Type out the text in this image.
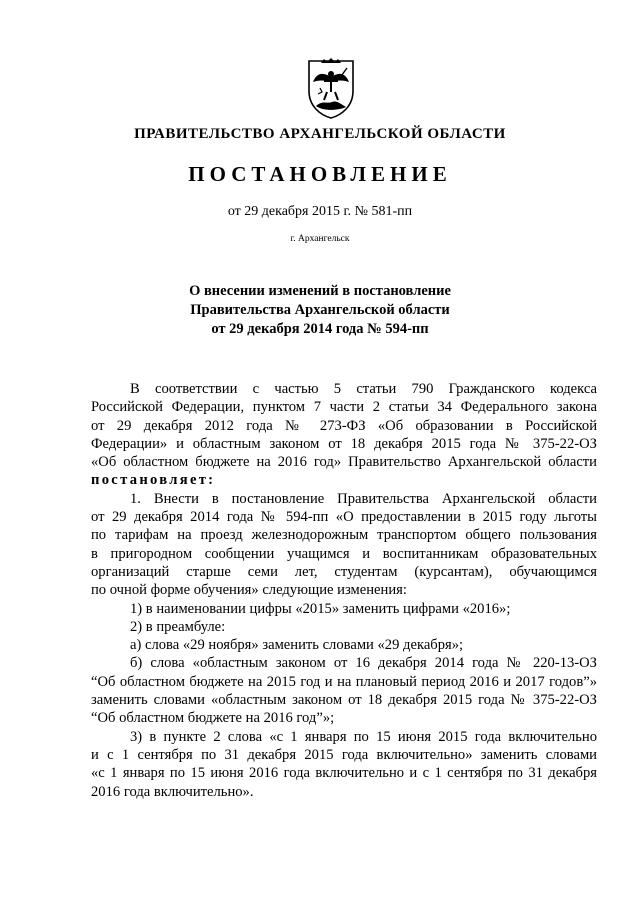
ПРАВИТЕЛЬСТВО АРХАНГЕЛЬСКОЙ ОБЛАСТИ
ПОСТАНОВЛЕНИЕ
от 29 декабря 2015 г. № 581-пп
г. Архангельск
О внесении изменений в постановление
Правительства Архангельской области
от 29 декабря 2014 года № 594-пп
В соответствии с частью 5 статьи 790 Гражданского кодекса
Российской Федерации, пунктом 7 части 2 статьи 34 Федерального закона
от 29 декабря 2012 года № 273-ФЗ «Об образовании в Российской
Федерации» и областным законом от 18 декабря 2015 года № 375-22-ОЗ
«Об областном бюджете на 2016 год» Правительство Архангельской области
постановляет:
1. Внести в постановление Правительства Архангельской области
от 29 декабря 2014 года № 594-пп «О предоставлении в 2015 году льготы
по тарифам на проезд железнодорожным транспортом общего пользования
в пригородном сообщении учащимся и воспитанникам образовательных
организаций старше семи лет, студентам (курсантам), обучающимся
по очной форме обучения» следующие изменения:
1) в наименовании цифры «2015» заменить цифрами «2016»;
2) в преамбуле:
а) слова «29 ноября» заменить словами «29 декабря»;
б) слова «областным законом от 16 декабря 2014 года № 220-13-ОЗ
“Об областном бюджете на 2015 год и на плановый период 2016 и 2017 годов”»
заменить словами «областным законом от 18 декабря 2015 года № 375-22-ОЗ
“Об областном бюджете на 2016 год”»;
3) в пункте 2 слова «с 1 января по 15 июня 2015 года включительно
и с 1 сентября по 31 декабря 2015 года включительно» заменить словами
«с 1 января по 15 июня 2016 года включительно и с 1 сентября по 31 декабря
2016 года включительно».
